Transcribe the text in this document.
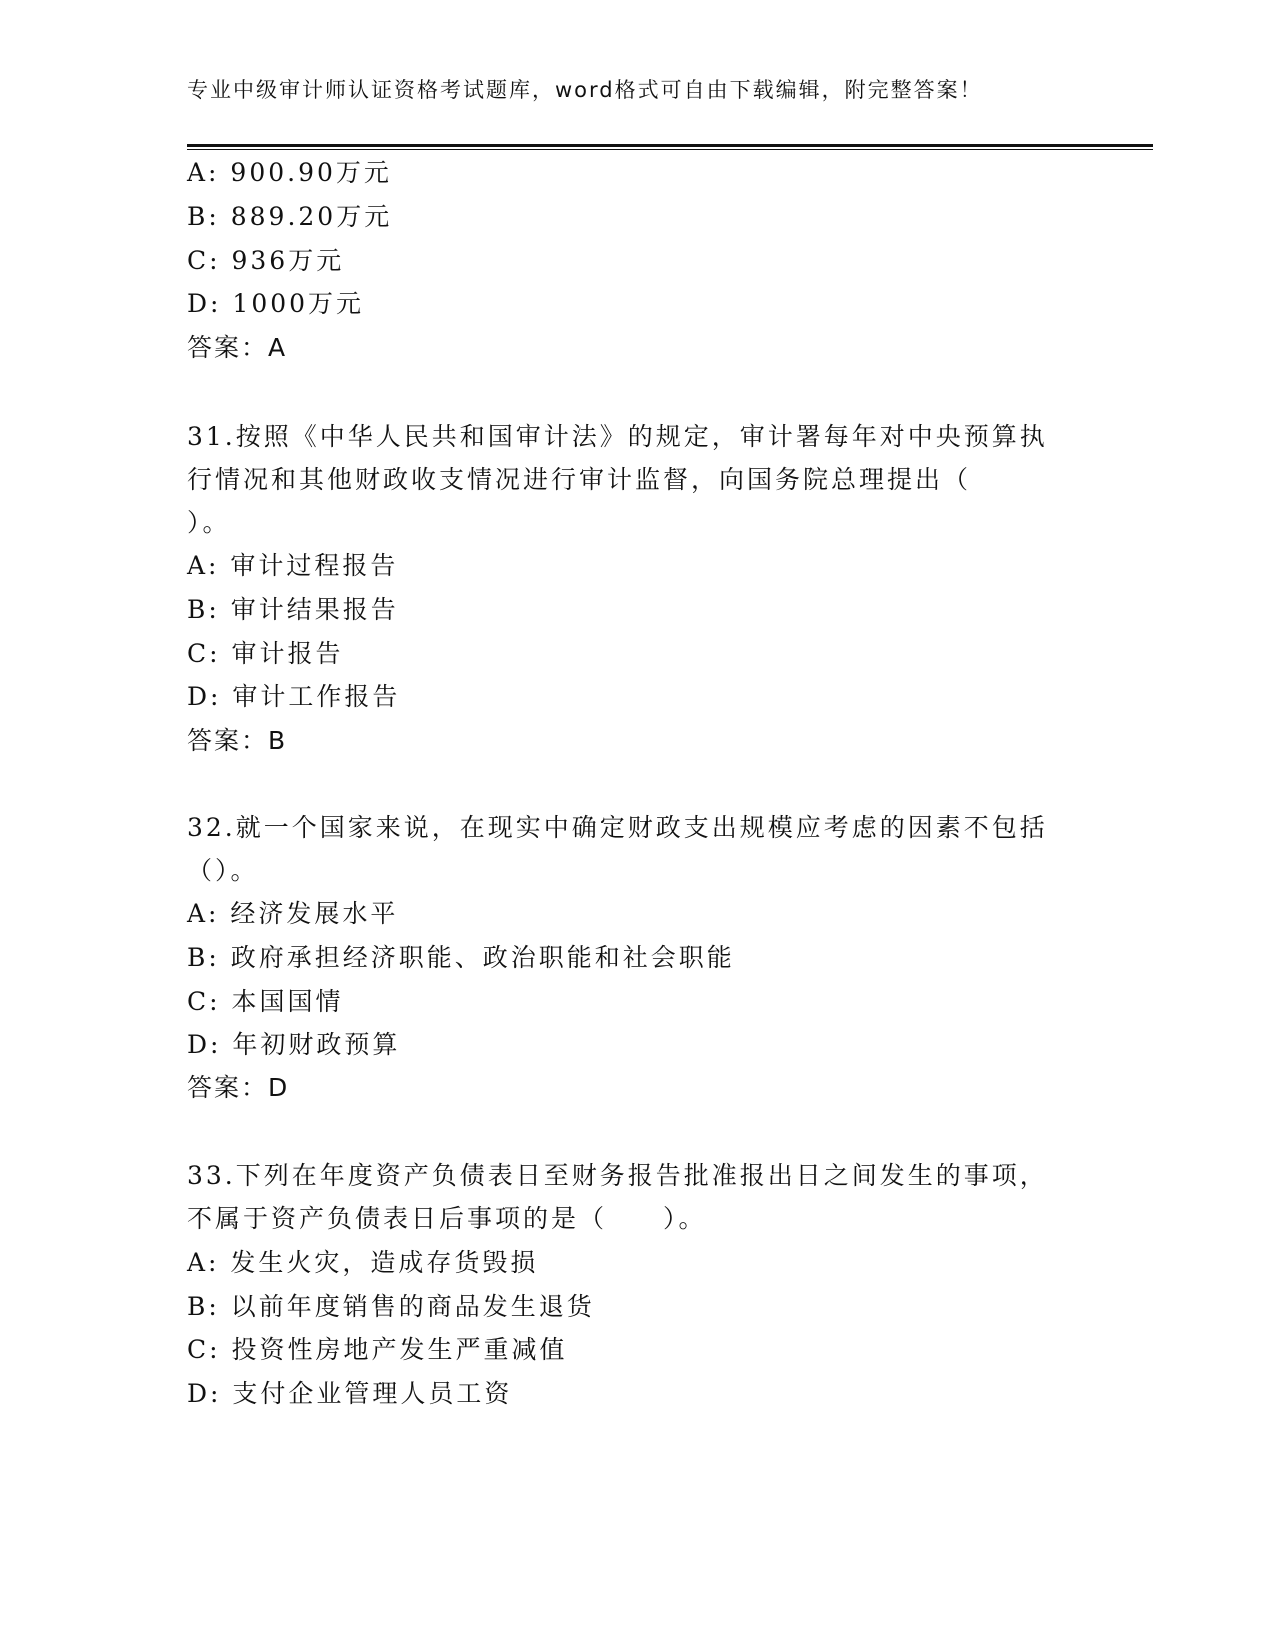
专业中级审计师认证资格考试题库，word格式可自由下载编辑，附完整答案！
A: 900.90万元
B: 889.20万元
C: 936万元
D: 1000万元
答案：A
31.按照《中华人民共和国审计法》的规定，审计署每年对中央预算执
行情况和其他财政收支情况进行审计监督，向国务院总理提出（
）。
A: 审计过程报告
B: 审计结果报告
C: 审计报告
D: 审计工作报告
答案：B
32.就一个国家来说，在现实中确定财政支出规模应考虑的因素不包括
（）。
A: 经济发展水平
B: 政府承担经济职能、政治职能和社会职能
C: 本国国情
D: 年初财政预算
答案：D
33.下列在年度资产负债表日至财务报告批准报出日之间发生的事项，
不属于资产负债表日后事项的是（　　）。
A: 发生火灾，造成存货毁损
B: 以前年度销售的商品发生退货
C: 投资性房地产发生严重减值
D: 支付企业管理人员工资
